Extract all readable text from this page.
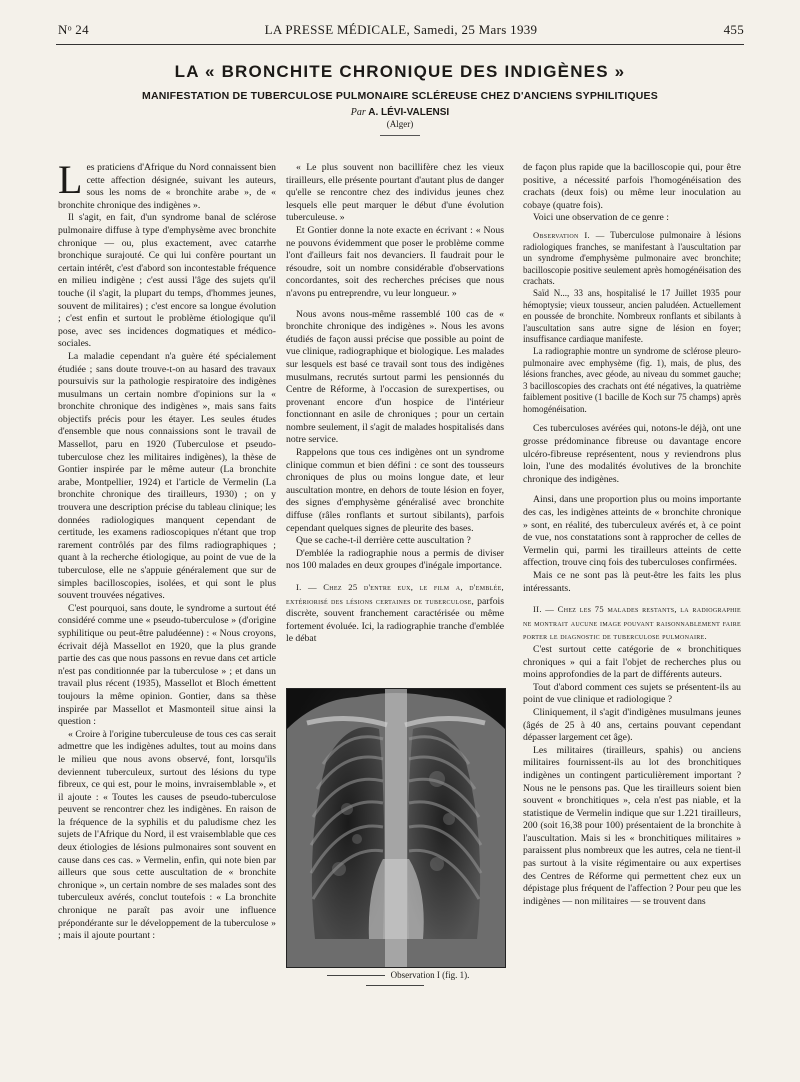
Nᵒ 24	LA PRESSE MÉDICALE, Samedi, 25 Mars 1939	455
LA « BRONCHITE CHRONIQUE DES INDIGÈNES »
MANIFESTATION DE TUBERCULOSE PULMONAIRE SCLÉREUSE CHEZ D'ANCIENS SYPHILITIQUES
Par A. LÉVI-VALENSI
(Alger)

Les praticiens d'Afrique du Nord connaissent bien cette affection désignée, suivant les auteurs, sous les noms de « bronchite arabe », de « bronchite chronique des indigènes ».

Il s'agit, en fait, d'un syndrome banal de sclérose pulmonaire diffuse à type d'emphysème avec bronchite chronique — ou, plus exactement, avec catarrhe bronchique surajouté. Ce qui lui confère pourtant un certain intérêt, c'est d'abord son incontestable fréquence en milieu indigène ; c'est aussi l'âge des sujets qu'il touche (il s'agit, la plupart du temps, d'hommes jeunes, souvent de militaires) ; c'est encore sa longue évolution ; c'est enfin et surtout le problème étiologique qu'il pose, avec ses incidences dogmatiques et médico-sociales.

La maladie cependant n'a guère été spécialement étudiée ; sans doute trouve-t-on au hasard des travaux poursuivis sur la pathologie respiratoire des indigènes musulmans un certain nombre d'opinions sur la « bronchite chronique des indigènes », mais sans faits objectifs précis pour les étayer. Les seules études d'ensemble que nous connaissions sont le travail de Massellot, paru en 1920 (Tuberculose et pseudo-tuberculose chez les militaires indigènes), la thèse de Gontier inspirée par le même auteur (La bronchite arabe, Montpellier, 1924) et l'article de Vermelin (La bronchite chronique des tirailleurs, 1930) ; on y trouvera une description précise du tableau clinique; les données radiologiques manquent cependant de certitude, les examens radioscopiques n'étant que trop rarement contrôlés par des films radiographiques ; quant à la recherche étiologique, au point de vue de la tuberculose, elle ne s'appuie généralement que sur de simples bacilloscopies, isolées, et qui sont le plus souvent trouvées négatives.

C'est pourquoi, sans doute, le syndrome a surtout été considéré comme une « pseudo-tuberculose » (d'origine syphilitique ou peut-être paludéenne) : « Nous croyons, écrivait déjà Massellot en 1920, que la plus grande partie des cas que nous passons en revue dans cet article n'est pas conditionnée par la tuberculose » ; et dans un travail plus récent (1935), Massellot et Bloch émettent toujours la même opinion. Gontier, dans sa thèse inspirée par Massellot et Masmonteil situe ainsi la question :

« Croire à l'origine tuberculeuse de tous ces cas serait admettre que les indigènes adultes, tout au moins dans le milieu que nous avons observé, font, lorsqu'ils deviennent tuberculeux, surtout des lésions du type fibreux, ce qui est, pour le moins, invraisemblable », et il ajoute : « Toutes les causes de pseudo-tuberculose peuvent se rencontrer chez les indigènes. En raison de la fréquence de la syphilis et du paludisme chez les sujets de l'Afrique du Nord, il est vraisemblable que ces deux étiologies de lésions pulmonaires sont souvent en cause dans ces cas. » Vermelin, enfin, qui note bien par ailleurs que sous cette auscultation de « bronchite chronique », un certain nombre de ses malades sont des tuberculeux avérés, conclut toutefois : « La bronchite chronique ne paraît pas avoir une influence prépondérante sur le développement de la tuberculose » ; mais il ajoute pourtant :

« Le plus souvent non bacillifère chez les vieux tirailleurs, elle présente pourtant d'autant plus de danger qu'elle se rencontre chez des individus jeunes chez lesquels elle peut marquer le début d'une évolution tuberculeuse. »

Et Gontier donne la note exacte en écrivant : « Nous ne pouvons évidemment que poser le problème comme l'ont d'ailleurs fait nos devanciers. Il faudrait pour le résoudre, soit un nombre considérable d'observations concordantes, soit des recherches précises que nous n'avons pu entreprendre, vu leur longueur. »

Nous avons nous-même rassemblé 100 cas de « bronchite chronique des indigènes ». Nous les avons étudiés de façon aussi précise que possible au point de vue clinique, radiographique et biologique. Les malades sur lesquels est basé ce travail sont tous des indigènes musulmans, recrutés surtout parmi les pensionnés du Centre de Réforme, à l'occasion de surexpertises, ou provenant encore d'un hospice de l'intérieur fonctionnant en asile de chroniques ; pour un certain nombre seulement, il s'agit de malades hospitalisés dans notre service.

Rappelons que tous ces indigènes ont un syndrome clinique commun et bien défini : ce sont des tousseurs chroniques de plus ou moins longue date, et leur auscultation montre, en dehors de toute lésion en foyer, des signes d'emphysème généralisé avec bronchite diffuse (râles ronflants et surtout sibilants), parfois cependant quelques signes de pleurite des bases.

Que se cache-t-il derrière cette auscultation ?

D'emblée la radiographie nous a permis de diviser nos 100 malades en deux groupes d'inégale importance.

I. — Chez 25 d'entre eux, le film a, d'emblée, extériorisé des lésions certaines de tuberculose, parfois discrète, souvent franchement caractérisée ou même fortement évoluée. Ici, la radiographie tranche d'emblée le débat

Observation I (fig. 1).

de façon plus rapide que la bacilloscopie qui, pour être positive, a nécessité parfois l'homogénéisation des crachats (deux fois) ou même leur inoculation au cobaye (quatre fois).

Voici une observation de ce genre :

Observation I. — Tuberculose pulmonaire à lésions radiologiques franches, se manifestant à l'auscultation par un syndrome d'emphysème pulmonaire avec bronchite; bacilloscopie positive seulement après homogénéisation des crachats.

Saïd N..., 33 ans, hospitalisé le 17 Juillet 1935 pour hémoptysie; vieux tousseur, ancien paludéen. Actuellement en poussée de bronchite. Nombreux ronflants et sibilants à l'auscultation sans autre signe de lésion en foyer; insuffisance cardiaque manifeste.

La radiographie montre un syndrome de sclérose pleuro-pulmonaire avec emphysème (fig. 1), mais, de plus, des lésions franches, avec géode, au niveau du sommet gauche; 3 bacilloscopies des crachats ont été négatives, la quatrième faiblement positive (1 bacille de Koch sur 75 champs) après homogénéisation.

Ces tuberculoses avérées qui, notons-le déjà, ont une grosse prédominance fibreuse ou davantage encore ulcéro-fibreuse représentent, nous y reviendrons plus loin, l'une des modalités évolutives de la bronchite chronique des indigènes.

Ainsi, dans une proportion plus ou moins importante des cas, les indigènes atteints de « bronchite chronique » sont, en réalité, des tuberculeux avérés et, à ce point de vue, nos constatations sont à rapprocher de celles de Vermelin qui, parmi les tirailleurs atteints de cette affection, trouve cinq fois des tuberculoses confirmées.

Mais ce ne sont pas là peut-être les faits les plus intéressants.

II. — Chez les 75 malades restants, la radiographie ne montrait aucune image pouvant raisonnablement faire porter le diagnostic de tuberculose pulmonaire.

C'est surtout cette catégorie de « bronchitiques chroniques » qui a fait l'objet de recherches plus ou moins approfondies de la part de différents auteurs.

Tout d'abord comment ces sujets se présentent-ils au point de vue clinique et radiologique ?

Cliniquement, il s'agit d'indigènes musulmans jeunes (âgés de 25 à 40 ans, certains pouvant cependant dépasser largement cet âge).

Les militaires (tirailleurs, spahis) ou anciens militaires fournissent-ils au lot des bronchitiques indigènes un contingent particulièrement important ? Nous ne le pensons pas. Que les tirailleurs soient bien souvent « bronchitiques », cela n'est pas niable, et la statistique de Vermelin indique que sur 1.221 tirailleurs, 200 (soit 16,38 pour 100) présentaient de la bronchite à l'auscultation. Mais si les « bronchitiques militaires » paraissent plus nombreux que les autres, cela ne tient-il pas surtout à la visite régimentaire ou aux expertises des Centres de Réforme qui permettent chez eux un dépistage plus fréquent de l'affection ? Pour peu que les indigènes — non militaires — se trouvent dans
